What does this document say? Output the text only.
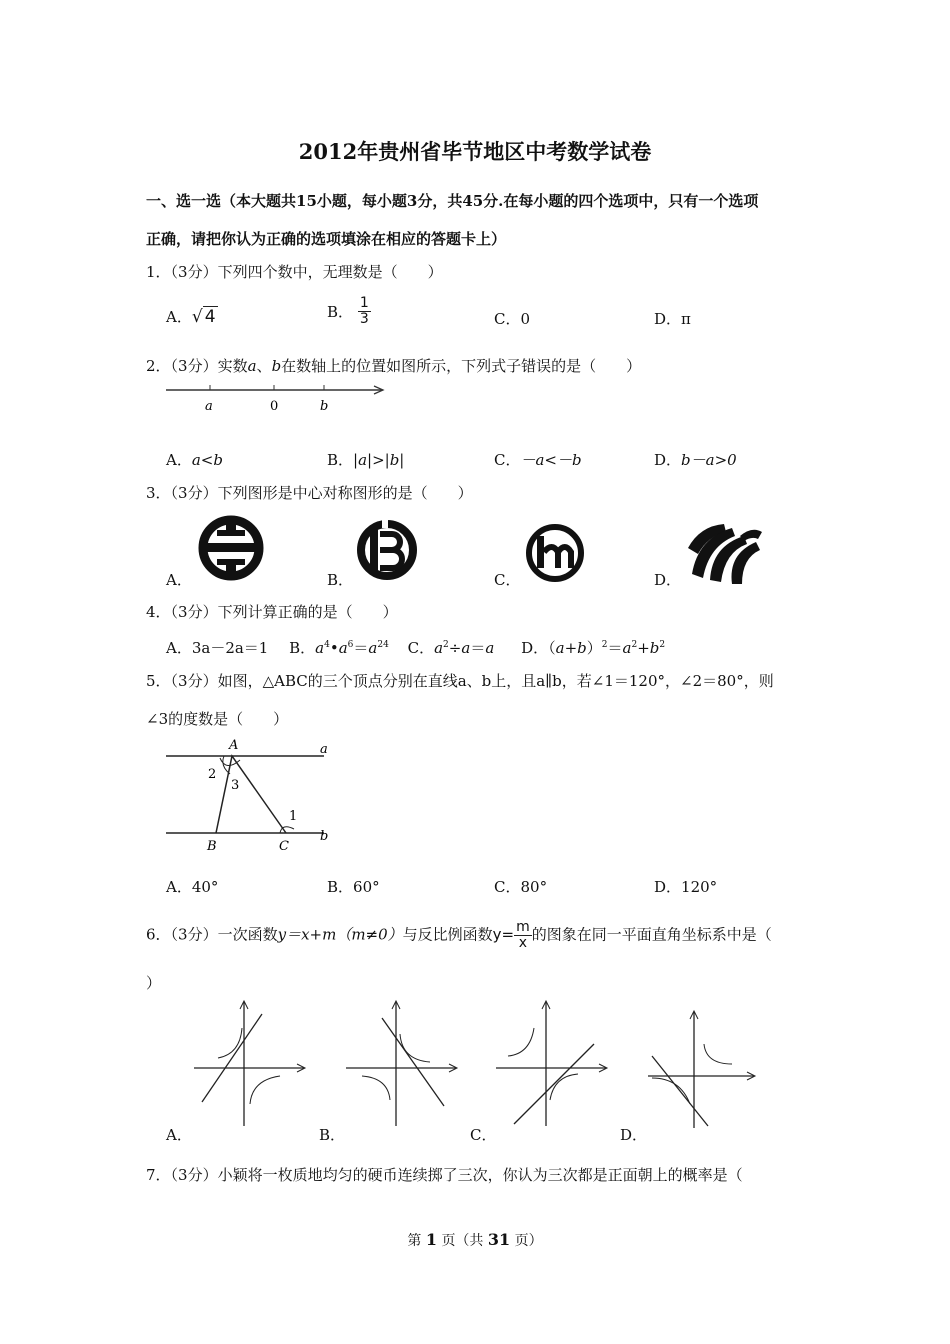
2012年贵州省毕节地区中考数学试卷
一、选一选（本大题共15小题，每小题3分，共45分.在每小题的四个选项中，只有一个选项
正确，请把你认为正确的选项填涂在相应的答题卡上）
1．（3分）下列四个数中，无理数是（　　）
A．√ 4	B． $\frac{1}{3}$	C．0	D．π
2．（3分）实数a、b在数轴上的位置如图所示，下列式子错误的是（　　）
a	0	b
A．a<b	B．|a|>|b|	C．－a<－b	D．b－a>0
3．（3分）下列图形是中心对称图形的是（　　）
A．	B．	C．	D．
4．（3分）下列计算正确的是（　　）
A．3a－2a＝1 B．$a^4•a^6=a^{24}$ C．$a^2\div a=a$ D．$(a+b)^2=a^2+b^2$
5．（3分）如图，△ABC的三个顶点分别在直线a、b上，且a∥b，若∠1＝120°，∠2＝80°，则
∠3的度数是（　　）
A	a
2
3
1
b
B	C
A．40°	B．60°	C．80°	D．120°
6．（3分）一次函数y＝x+m（m≠0）与反比例函数$y= \frac{m}{x}$ 的图象在同一平面直角坐标系中是（
）
A．	B．	C．	D．
7．（3分）小颖将一枚质地均匀的硬币连续掷了三次，你认为三次都是正面朝上的概率是（
第 1 页（共 31 页）
